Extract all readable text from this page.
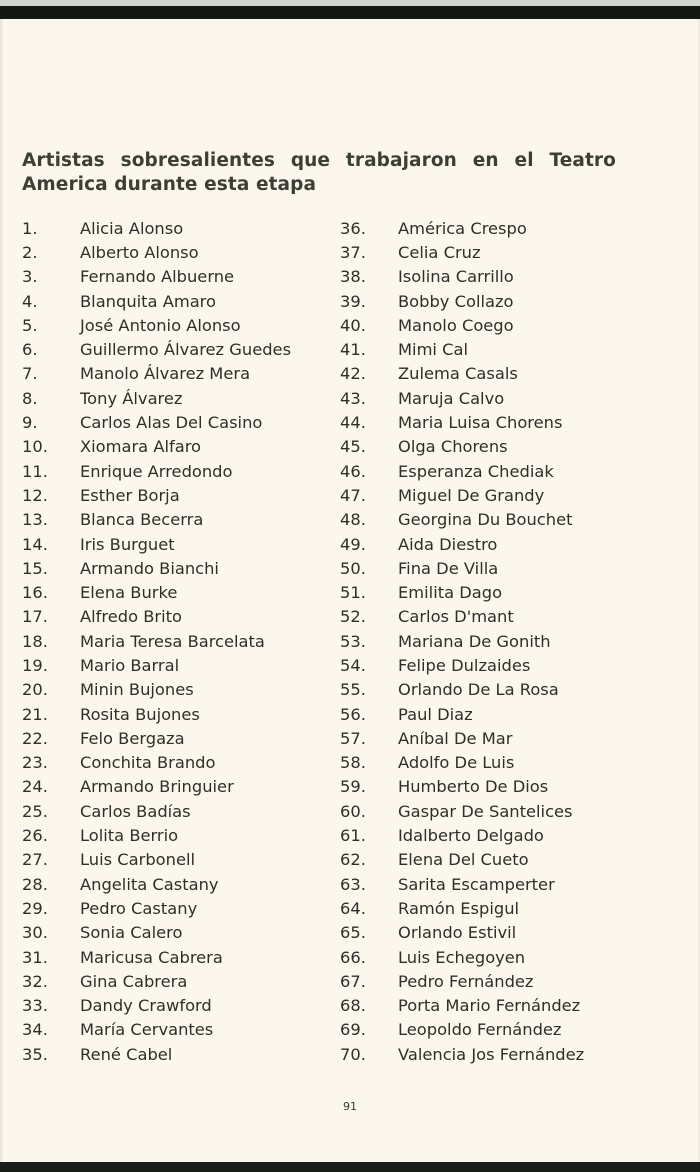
Artistas sobresalientes que trabajaron en el Teatro
America durante esta etapa
1.	Alicia Alonso
2.	Alberto Alonso
3.	Fernando Albuerne
4.	Blanquita Amaro
5.	José Antonio Alonso
6.	Guillermo Álvarez Guedes
7.	Manolo Álvarez Mera
8.	Tony Álvarez
9.	Carlos Alas Del Casino
10.	Xiomara Alfaro
11.	Enrique Arredondo
12.	Esther Borja
13.	Blanca Becerra
14.	Iris Burguet
15.	Armando Bianchi
16.	Elena Burke
17.	Alfredo Brito
18.	Maria Teresa Barcelata
19.	Mario Barral
20.	Minin Bujones
21.	Rosita Bujones
22.	Felo Bergaza
23.	Conchita Brando
24.	Armando Bringuier
25.	Carlos Badías
26.	Lolita Berrio
27.	Luis Carbonell
28.	Angelita Castany
29.	Pedro Castany
30.	Sonia Calero
31.	Maricusa Cabrera
32.	Gina Cabrera
33.	Dandy Crawford
34.	María Cervantes
35.	René Cabel
36.	América Crespo
37.	Celia Cruz
38.	Isolina Carrillo
39.	Bobby Collazo
40.	Manolo Coego
41.	Mimi Cal
42.	Zulema Casals
43.	Maruja Calvo
44.	Maria Luisa Chorens
45.	Olga Chorens
46.	Esperanza Chediak
47.	Miguel De Grandy
48.	Georgina Du Bouchet
49.	Aida Diestro
50.	Fina De Villa
51.	Emilita Dago
52.	Carlos D'mant
53.	Mariana De Gonith
54.	Felipe Dulzaides
55.	Orlando De La Rosa
56.	Paul Diaz
57.	Aníbal De Mar
58.	Adolfo De Luis
59.	Humberto De Dios
60.	Gaspar De Santelices
61.	Idalberto Delgado
62.	Elena Del Cueto
63.	Sarita Escamperter
64.	Ramón Espigul
65.	Orlando Estivil
66.	Luis Echegoyen
67.	Pedro Fernández
68.	Porta Mario Fernández
69.	Leopoldo Fernández
70.	Valencia Jos Fernández
91
